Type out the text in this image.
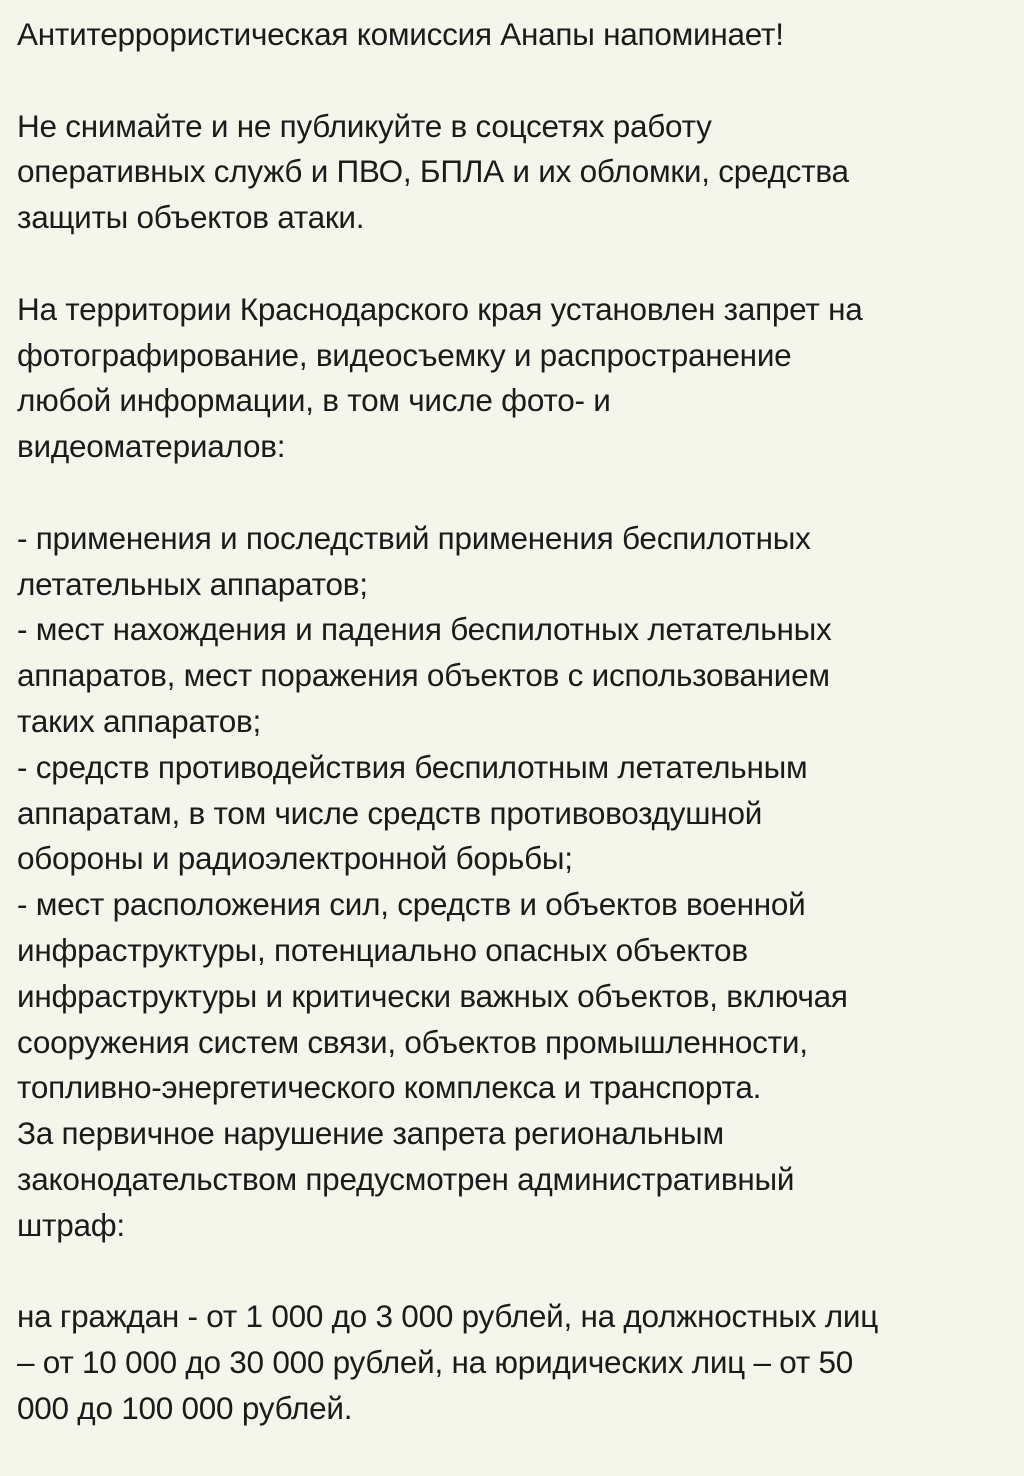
Антитеррористическая комиссия Анапы напоминает!
Не снимайте и не публикуйте в соцсетях работу
оперативных служб и ПВО, БПЛА и их обломки, средства
защиты объектов атаки.
На территории Краснодарского края установлен запрет на
фотографирование, видеосъемку и распространение
любой информации, в том числе фото- и
видеоматериалов:
- применения и последствий применения беспилотных
летательных аппаратов;
- мест нахождения и падения беспилотных летательных
аппаратов, мест поражения объектов с использованием
таких аппаратов;
- средств противодействия беспилотным летательным
аппаратам, в том числе средств противовоздушной
обороны и радиоэлектронной борьбы;
- мест расположения сил, средств и объектов военной
инфраструктуры, потенциально опасных объектов
инфраструктуры и критически важных объектов, включая
сооружения систем связи, объектов промышленности,
топливно-энергетического комплекса и транспорта.
За первичное нарушение запрета региональным
законодательством предусмотрен административный
штраф:
на граждан - от 1 000 до 3 000 рублей, на должностных лиц
– от 10 000 до 30 000 рублей, на юридических лиц – от 50
000 до 100 000 рублей.
